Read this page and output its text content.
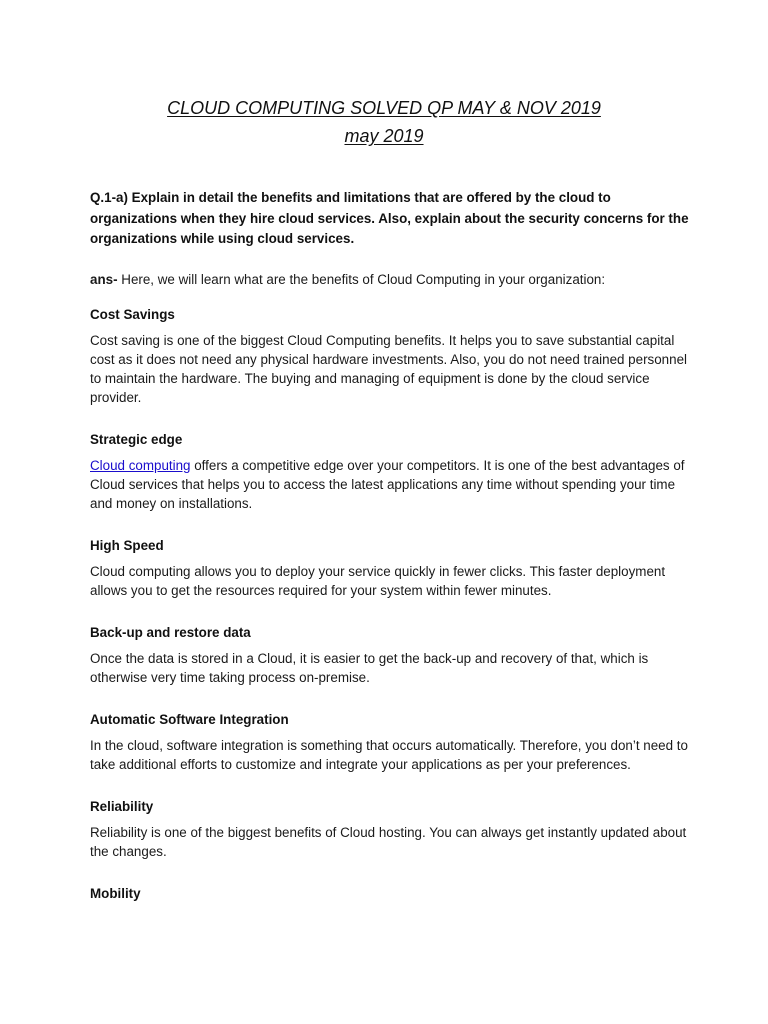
CLOUD COMPUTING SOLVED QP MAY & NOV 2019
may 2019

Q.1-a) Explain in detail the benefits and limitations that are offered by the cloud to organizations when they hire cloud services. Also, explain about the security concerns for the organizations while using cloud services.

ans- Here, we will learn what are the benefits of Cloud Computing in your organization:

Cost Savings

Cost saving is one of the biggest Cloud Computing benefits. It helps you to save substantial capital cost as it does not need any physical hardware investments. Also, you do not need trained personnel to maintain the hardware. The buying and managing of equipment is done by the cloud service provider.

Strategic edge

Cloud computing offers a competitive edge over your competitors. It is one of the best advantages of Cloud services that helps you to access the latest applications any time without spending your time and money on installations.

High Speed

Cloud computing allows you to deploy your service quickly in fewer clicks. This faster deployment allows you to get the resources required for your system within fewer minutes.

Back-up and restore data

Once the data is stored in a Cloud, it is easier to get the back-up and recovery of that, which is otherwise very time taking process on-premise.

Automatic Software Integration

In the cloud, software integration is something that occurs automatically. Therefore, you don’t need to take additional efforts to customize and integrate your applications as per your preferences.

Reliability

Reliability is one of the biggest benefits of Cloud hosting. You can always get instantly updated about the changes.

Mobility
